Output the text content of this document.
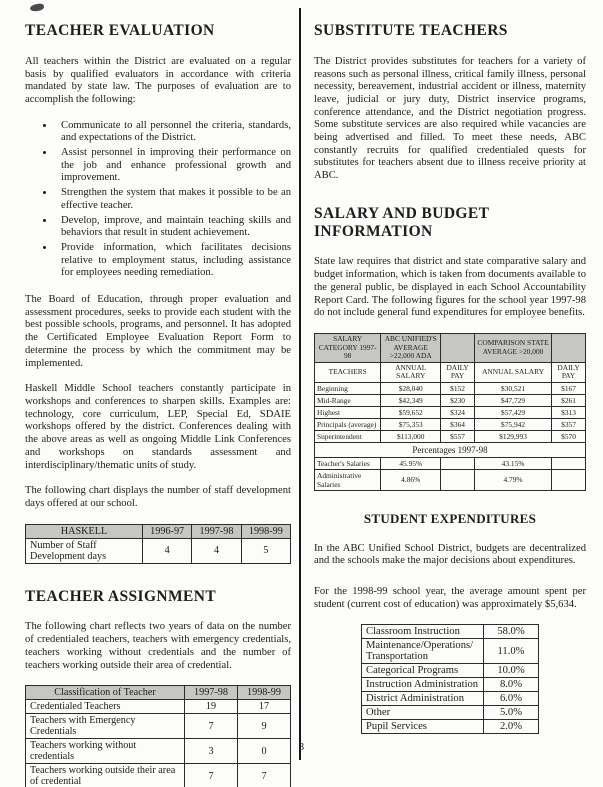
TEACHER EVALUATION

All teachers within the District are evaluated on a regular basis by qualified evaluators in accordance with criteria mandated by state law. The purposes of evaluation are to accomplish the following:

• Communicate to all personnel the criteria, standards, and expectations of the District.
• Assist personnel in improving their performance on the job and enhance professional growth and improvement.
• Strengthen the system that makes it possible to be an effective teacher.
• Develop, improve, and maintain teaching skills and behaviors that result in student achievement.
• Provide information, which facilitates decisions relative to employment status, including assistance for employees needing remediation.

The Board of Education, through proper evaluation and assessment procedures, seeks to provide each student with the best possible schools, programs, and personnel. It has adopted the Certificated Employee Evaluation Report Form to determine the process by which the commitment may be implemented.

Haskell Middle School teachers constantly participate in workshops and conferences to sharpen skills. Examples are: technology, core curriculum, LEP, Special Ed, SDAIE workshops offered by the district. Conferences dealing with the above areas as well as ongoing Middle Link Conferences and workshops on standards assessment and interdisciplinary/thematic units of study.

The following chart displays the number of staff development days offered at our school.

HASKELL	1996-97	1997-98	1998-99
Number of Staff Development days	4	4	5
TEACHER ASSIGNMENT

The following chart reflects two years of data on the number of credentialed teachers, teachers with emergency credentials, teachers working without credentials and the number of teachers working outside their area of credential.

Classification of Teacher	1997-98	1998-99
Credentialed Teachers	19	17
Teachers with Emergency Credentials	7	9
Teachers working without credentials	3	0
Teachers working outside their area of credential	7	7
SUBSTITUTE TEACHERS

The District provides substitutes for teachers for a variety of reasons such as personal illness, critical family illness, personal necessity, bereavement, industrial accident or illness, maternity leave, judicial or jury duty, District inservice programs, conference attendance, and the District negotiation progress. Some substitute services are also required while vacancies are being advertised and filled. To meet these needs, ABC constantly recruits for qualified credentialed quests for substitutes for teachers absent due to illness receive priority at ABC.

SALARY AND BUDGET INFORMATION

State law requires that district and state comparative salary and budget information, which is taken from documents available to the general public, be displayed in each School Accountability Report Card. The following figures for the school year 1997-98 do not include general fund expenditures for employee benefits.

SALARY CATEGORY 1997-98	ABC UNIFIED'S AVERAGE >22,000 ADA		COMPARISON STATE AVERAGE >20,000	
TEACHERS	ANNUAL SALARY	DAILY PAY	ANNUAL SALARY	DAILY PAY
Beginning	$28,040	$152	$30,521	$167
Mid-Range	$42,349	$230	$47,729	$261
Highest	$59,652	$324	$57,429	$313
Principals (average)	$75,353	$364	$75,942	$357
Superintendent	$113,000	$557	$129,993	$570
Percentages 1997-98				
Teacher's Salaries	45.95%		43.15%	
Administrative Salaries	4.86%		4.79%	
STUDENT EXPENDITURES

In the ABC Unified School District, budgets are decentralized and the schools make the major decisions about expenditures.

For the 1998-99 school year, the average amount spent per student (current cost of education) was approximately $5,634.

Classroom Instruction	58.0%
Maintenance/Operations/ Transportation	11.0%
Categorical Programs	10.0%
Instruction Administration	8.0%
District Administration	6.0%
Other	5.0%
Pupil Services	2.0%
3
